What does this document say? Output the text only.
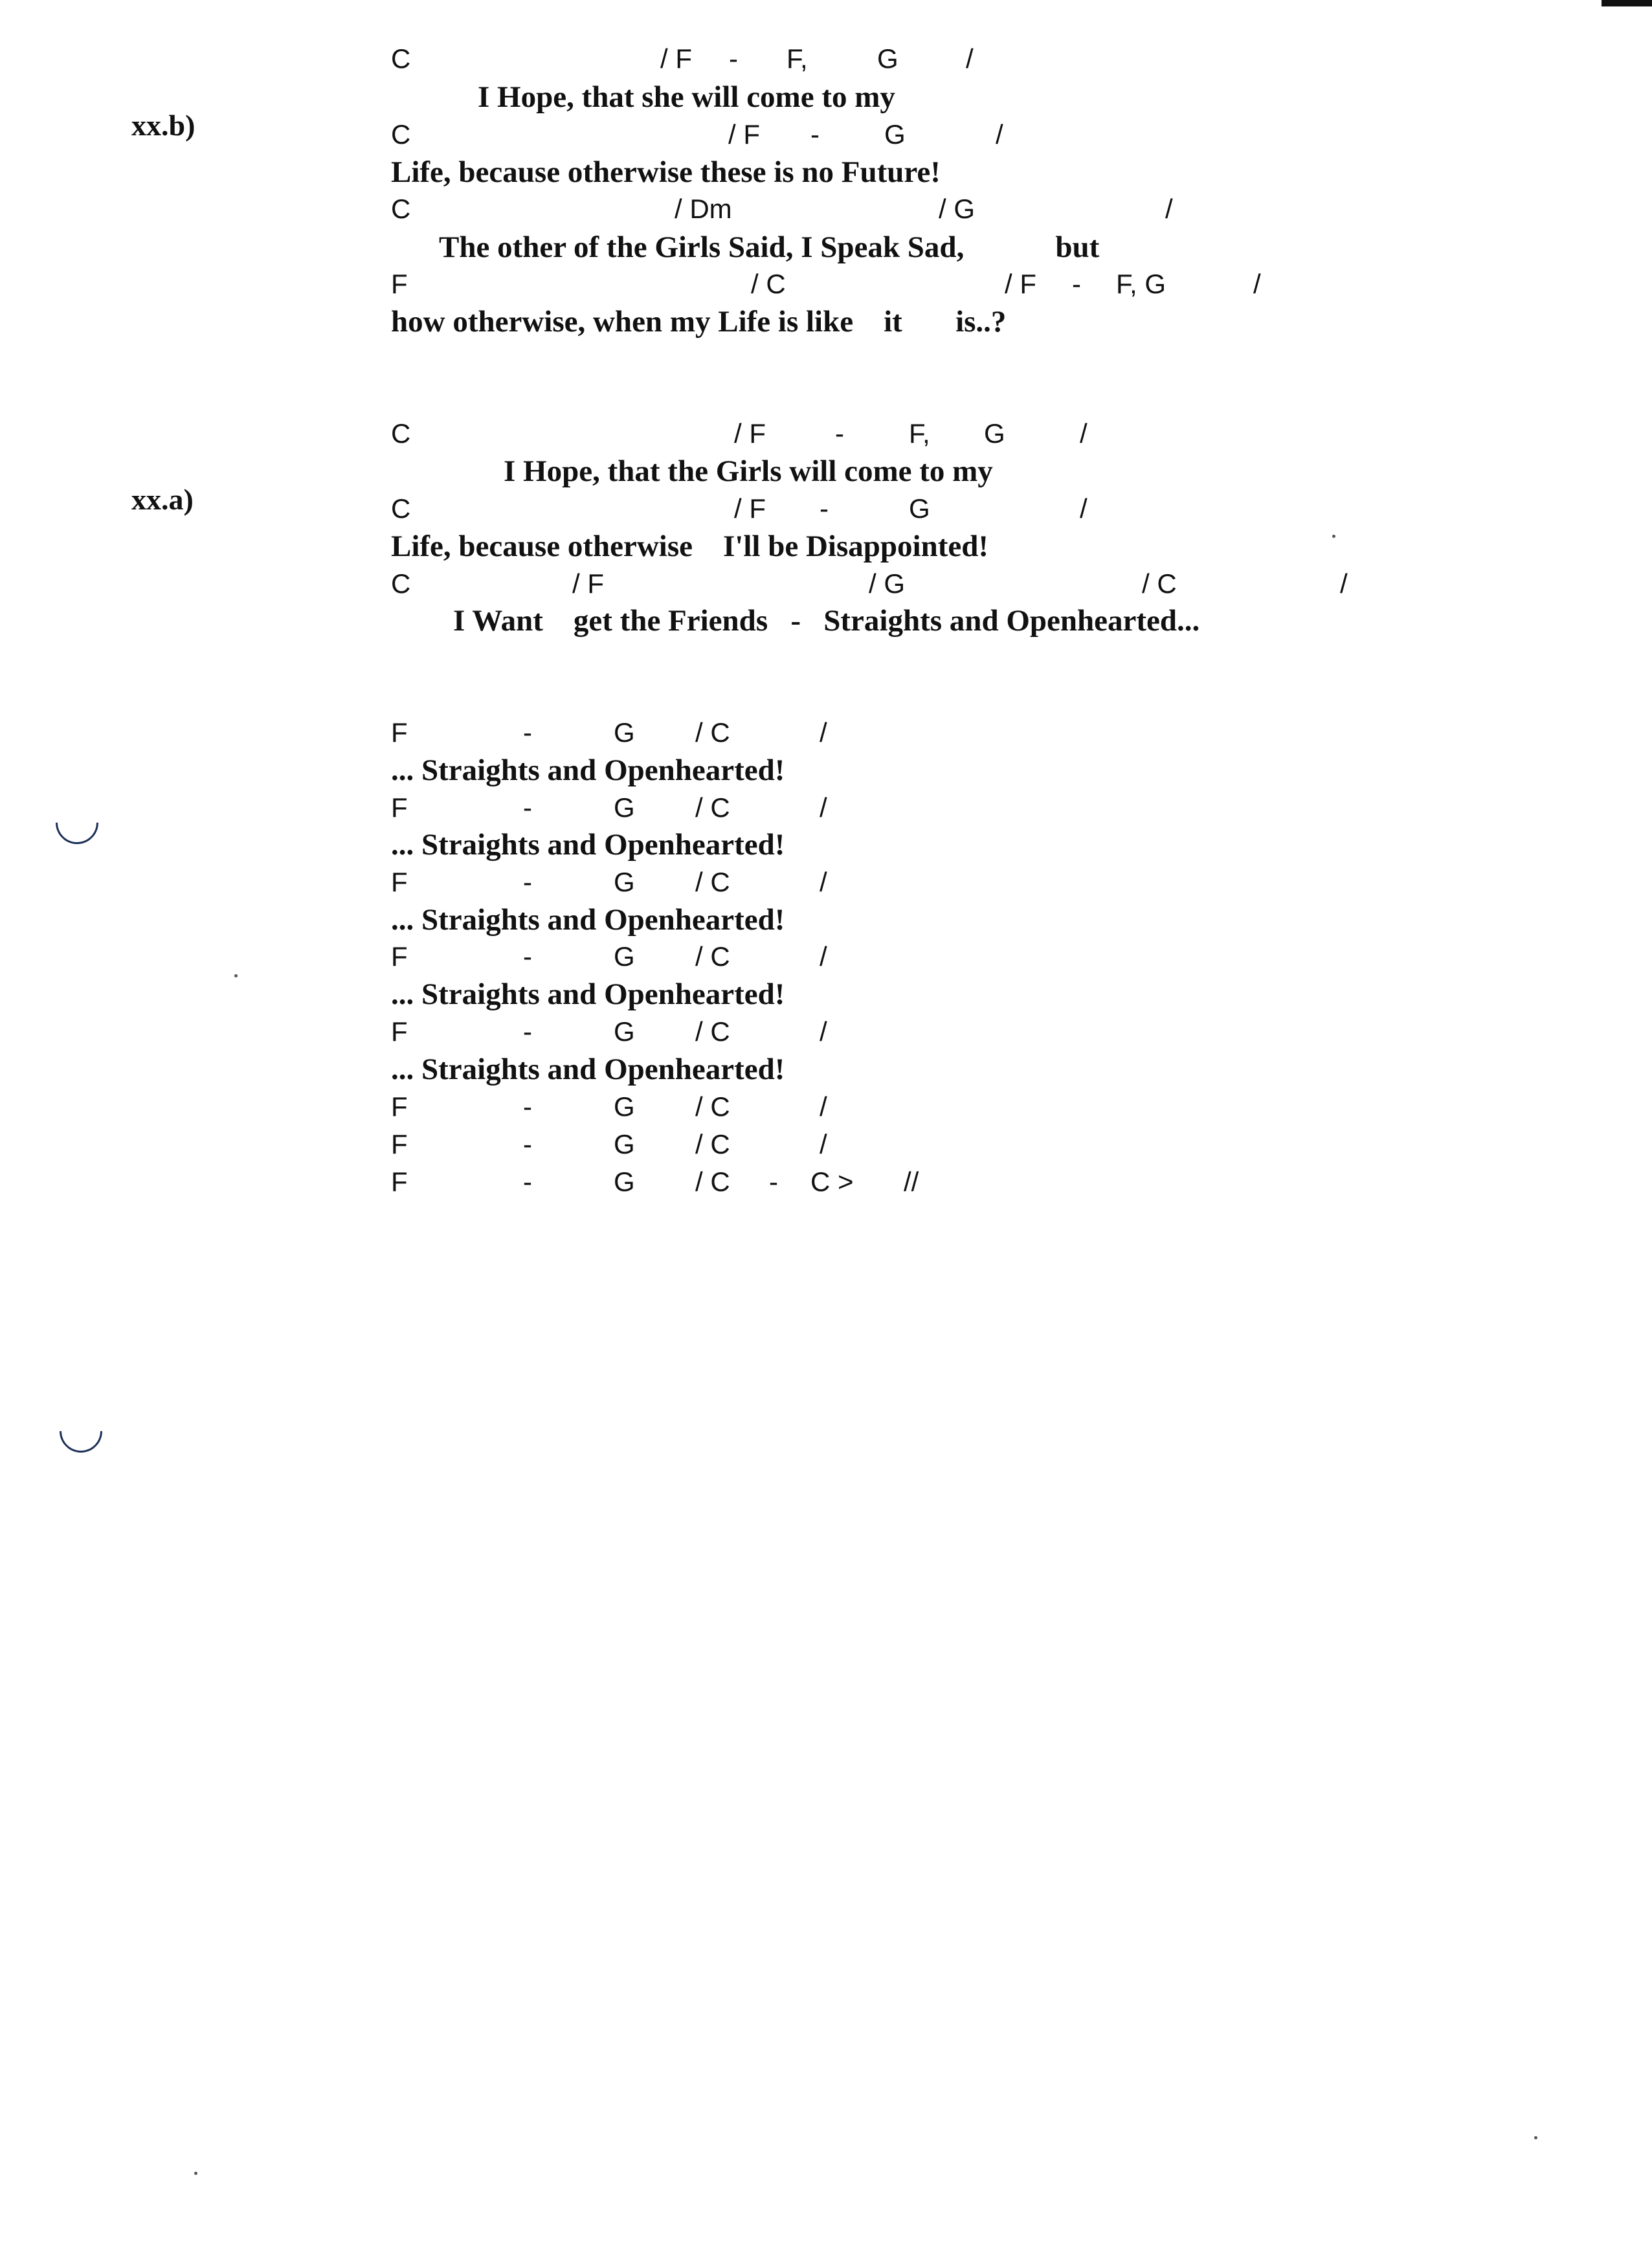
xx.b)
xx.a)
C	/ F - F,	G /
I Hope, that she will come to my
C	/ F - G	/
Life, because otherwise these is no Future!
C	/ Dm	/ G	/
The other of the Girls Said, I Speak Sad,            but
F	/ C	/ F - F, G	/
how otherwise, when my Life is like    it       is..?
C	/ F	- F, G	/
I Hope, that the Girls will come to my
C	/ F -	G	/
Life, because otherwise    I'll be Disappointed!
C	/ F	/ G	/ C	/
I Want    get the Friends   -   Straights and Openhearted...
F	-	G / C	/
... Straights and Openhearted!
F	-	G / C	/
... Straights and Openhearted!
F	-	G / C	/
... Straights and Openhearted!
F	-	G / C	/
... Straights and Openhearted!
F	-	G / C	/
... Straights and Openhearted!
F	-	G / C	/
F	-	G / C	/
F	-	G / C - C > //
